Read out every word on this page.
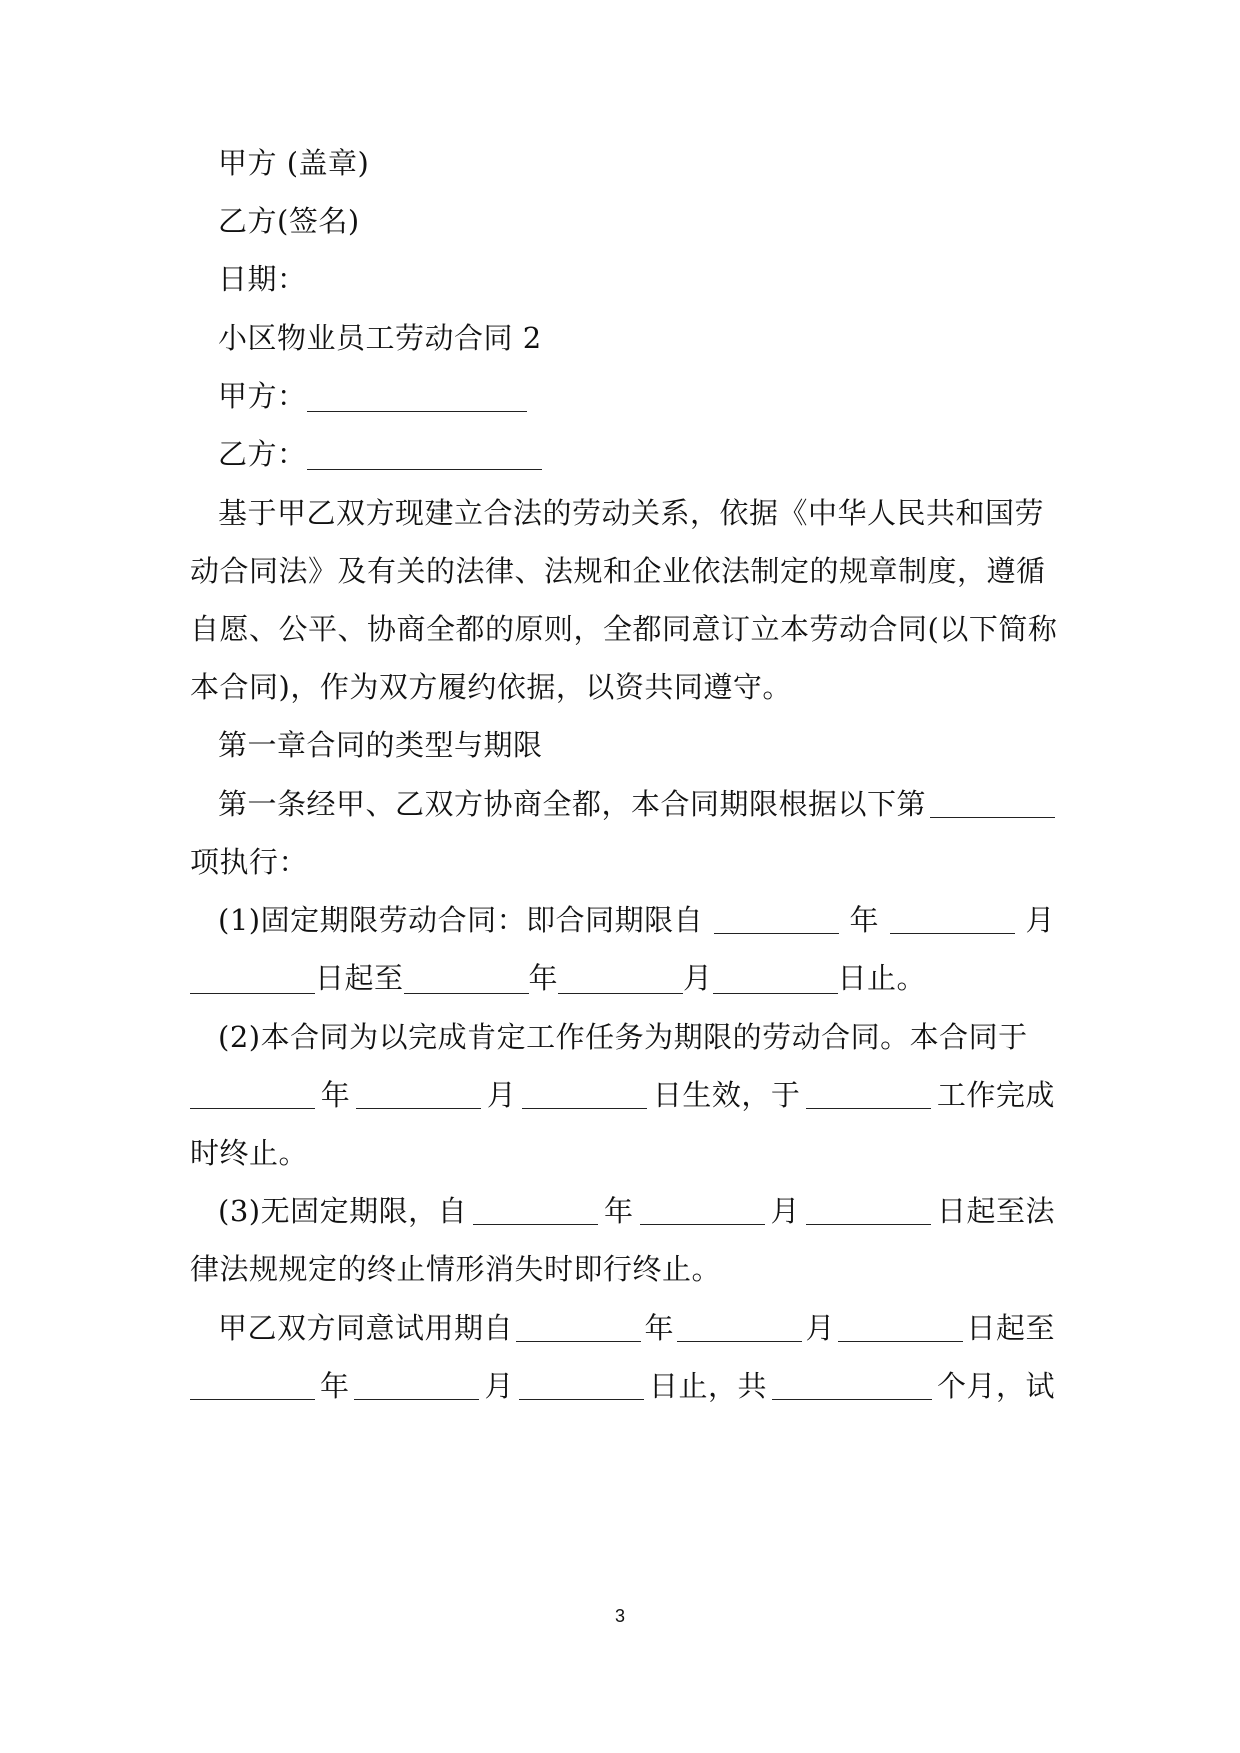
甲方 (盖章)
乙方(签名)
日期：
小区物业员工劳动合同 2
甲方：
乙方：
基于甲乙双方现建立合法的劳动关系，依据《中华人民共和国劳
动合同法》及有关的法律、法规和企业依法制定的规章制度，遵循
自愿、公平、协商全都的原则，全都同意订立本劳动合同(以下简称
本合同)，作为双方履约依据，以资共同遵守。
第一章合同的类型与期限
第一条经甲、乙双方协商全都，本合同期限根据以下第
项执行：
(1)固定期限劳动合同：即合同期限自	年	月
日起至	年	月	日止。
(2)本合同为以完成肯定工作任务为期限的劳动合同。本合同于
年	月	日生效，于	工作完成
时终止。
(3)无固定期限，自	年	月	日起至法
律法规规定的终止情形消失时即行终止。
甲乙双方同意试用期自	年	月	日起至
年	月	日止，共	个月，试
3
